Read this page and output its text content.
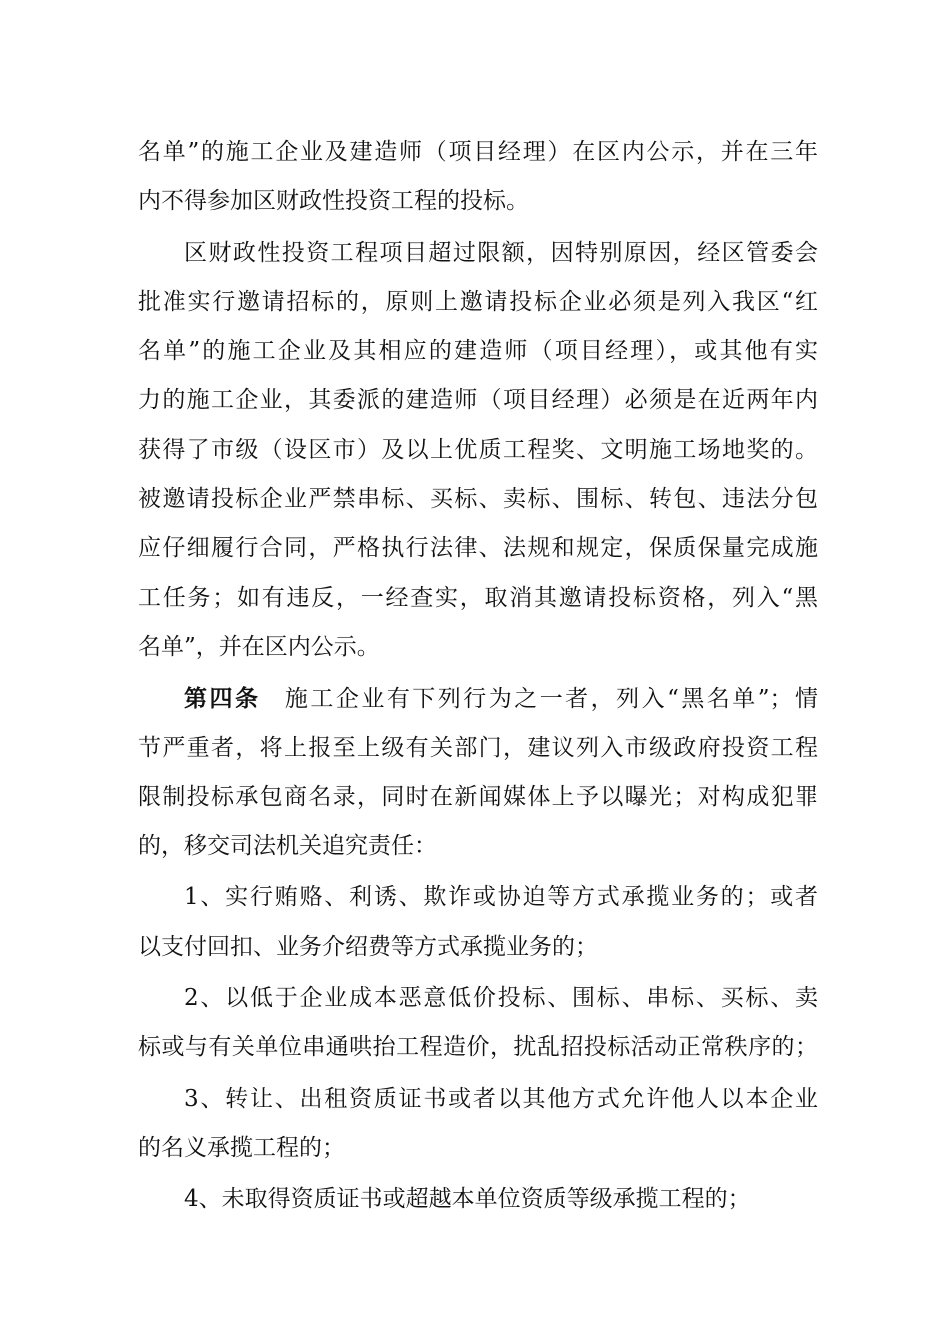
名单”的施工企业及建造师（项目经理）在区内公示，并在三年
内不得参加区财政性投资工程的投标。
区财政性投资工程项目超过限额，因特别原因，经区管委会
批准实行邀请招标的，原则上邀请投标企业必须是列入我区“红
名单”的施工企业及其相应的建造师（项目经理），或其他有实
力的施工企业，其委派的建造师（项目经理）必须是在近两年内
获得了市级（设区市）及以上优质工程奖、文明施工场地奖的。
被邀请投标企业严禁串标、买标、卖标、围标、转包、违法分包
应仔细履行合同，严格执行法律、法规和规定，保质保量完成施
工任务；如有违反，一经查实，取消其邀请投标资格，列入“黑
名单”，并在区内公示。
第四条 施工企业有下列行为之一者，列入“黑名单”；情
节严重者，将上报至上级有关部门，建议列入市级政府投资工程
限制投标承包商名录，同时在新闻媒体上予以曝光；对构成犯罪
的，移交司法机关追究责任：
1、实行贿赂、利诱、欺诈或协迫等方式承揽业务的；或者
以支付回扣、业务介绍费等方式承揽业务的；
2、以低于企业成本恶意低价投标、围标、串标、买标、卖
标或与有关单位串通哄抬工程造价，扰乱招投标活动正常秩序的；
3、转让、出租资质证书或者以其他方式允许他人以本企业
的名义承揽工程的；
4、未取得资质证书或超越本单位资质等级承揽工程的；
